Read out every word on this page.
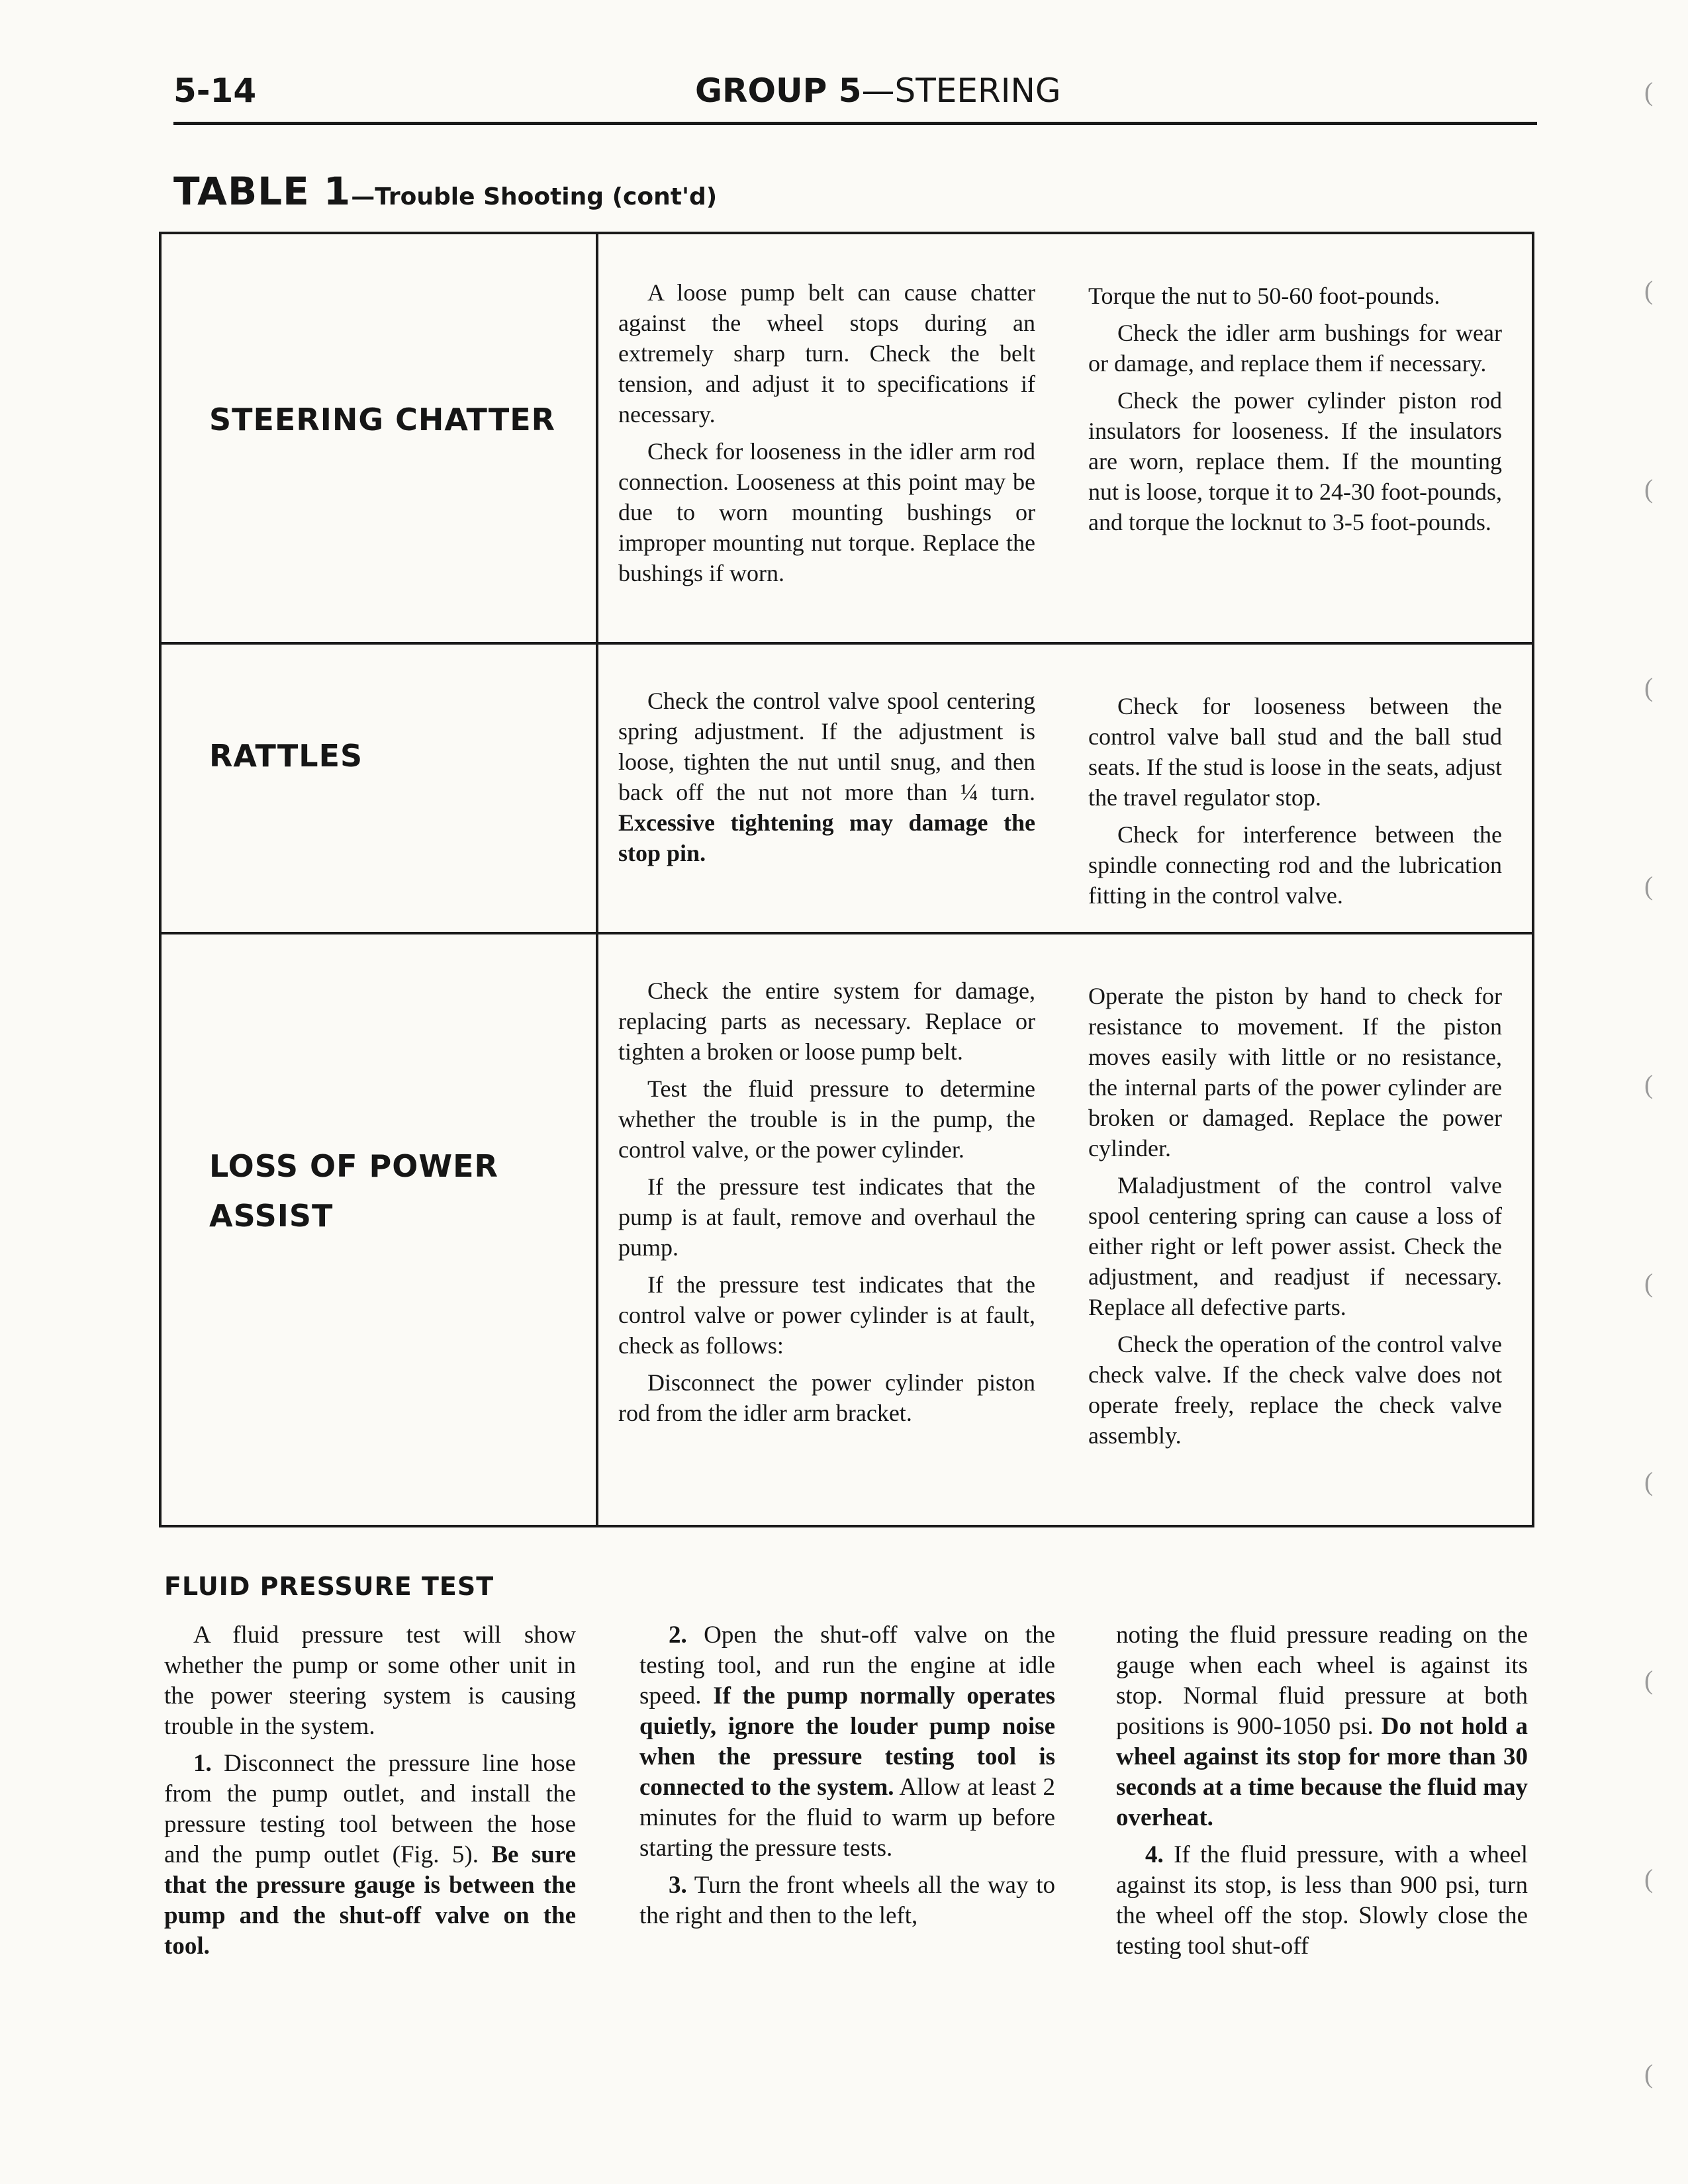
5-14	GROUP 5—STEERING
TABLE 1—Trouble Shooting (cont'd)
STEERING CHATTER

A loose pump belt can cause chatter against the wheel stops during an extremely sharp turn. Check the belt tension, and adjust it to specifications if necessary.

Check for looseness in the idler arm rod connection. Looseness at this point may be due to worn mounting bushings or improper mounting nut torque. Replace the bushings if worn.

Torque the nut to 50-60 foot-pounds.

Check the idler arm bushings for wear or damage, and replace them if necessary.

Check the power cylinder piston rod insulators for looseness. If the insulators are worn, replace them. If the mounting nut is loose, torque it to 24-30 foot-pounds, and torque the locknut to 3-5 foot-pounds.

RATTLES

Check the control valve spool centering spring adjustment. If the adjustment is loose, tighten the nut until snug, and then back off the nut not more than ¼ turn. Excessive tightening may damage the stop pin.

Check for looseness between the control valve ball stud and the ball stud seats. If the stud is loose in the seats, adjust the travel regulator stop.

Check for interference between the spindle connecting rod and the lubrication fitting in the control valve.

LOSS OF POWER
ASSIST

Check the entire system for damage, replacing parts as necessary. Replace or tighten a broken or loose pump belt.

Test the fluid pressure to determine whether the trouble is in the pump, the control valve, or the power cylinder.

If the pressure test indicates that the pump is at fault, remove and overhaul the pump.

If the pressure test indicates that the control valve or power cylinder is at fault, check as follows:

Disconnect the power cylinder piston rod from the idler arm bracket.

Operate the piston by hand to check for resistance to movement. If the piston moves easily with little or no resistance, the internal parts of the power cylinder are broken or damaged. Replace the power cylinder.

Maladjustment of the control valve spool centering spring can cause a loss of either right or left power assist. Check the adjustment, and readjust if necessary. Replace all defective parts.

Check the operation of the control valve check valve. If the check valve does not operate freely, replace the check valve assembly.

FLUID PRESSURE TEST

A fluid pressure test will show whether the pump or some other unit in the power steering system is causing trouble in the system.

1. Disconnect the pressure line hose from the pump outlet, and install the pressure testing tool between the hose and the pump outlet (Fig. 5). Be sure that the pressure gauge is between the pump and the shut-off valve on the tool.

2. Open the shut-off valve on the testing tool, and run the engine at idle speed. If the pump normally operates quietly, ignore the louder pump noise when the pressure testing tool is connected to the system. Allow at least 2 minutes for the fluid to warm up before starting the pressure tests.

3. Turn the front wheels all the way to the right and then to the left,

noting the fluid pressure reading on the gauge when each wheel is against its stop. Normal fluid pressure at both positions is 900-1050 psi. Do not hold a wheel against its stop for more than 30 seconds at a time because the fluid may overheat.

4. If the fluid pressure, with a wheel against its stop, is less than 900 psi, turn the wheel off the stop. Slowly close the testing tool shut-off

(
(
(
(
(
(
(
(
(
(
(
